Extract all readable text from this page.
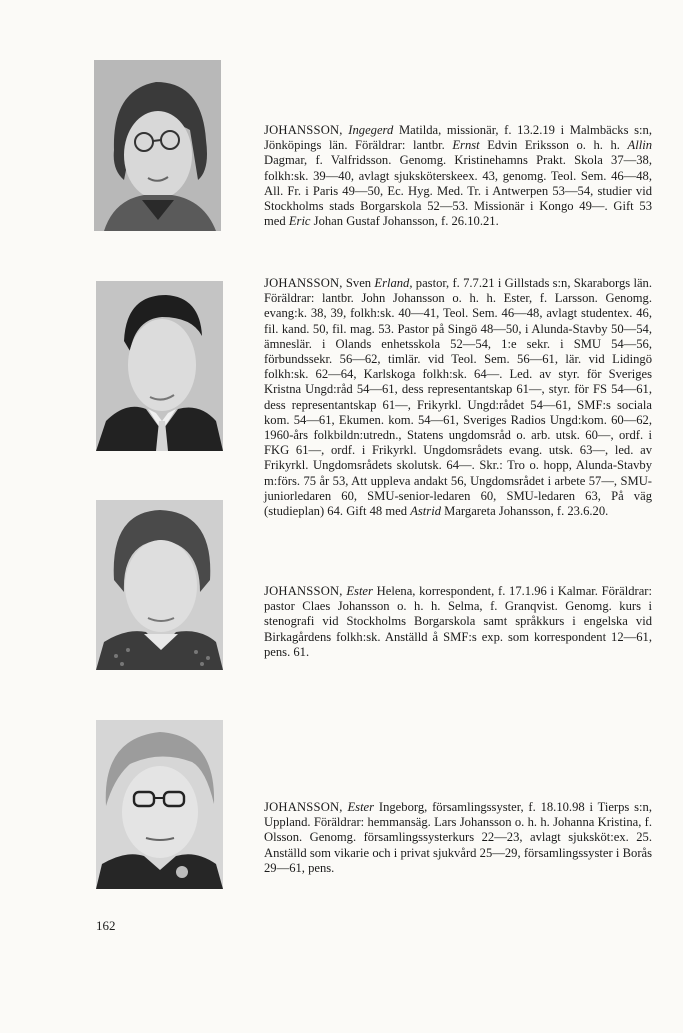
JOHANSSON, Ingegerd Matilda, missionär, f. 13.2.19 i Malmbäcks s:n, Jönköpings län. Föräldrar: lantbr. Ernst Edvin Eriksson o. h. h. Allin Dagmar, f. Valfridsson. Genomg. Kristinehamns Prakt. Skola 37—38, folkh:sk. 39—40, avlagt sjuksköterskeex. 43, genomg. Teol. Sem. 46—48, All. Fr. i Paris 49—50, Ec. Hyg. Med. Tr. i Antwerpen 53—54, studier vid Stockholms stads Borgarskola 52—53. Missionär i Kongo 49—. Gift 53 med Eric Johan Gustaf Johansson, f. 26.10.21.

JOHANSSON, Sven Erland, pastor, f. 7.7.21 i Gillstads s:n, Skaraborgs län. Föräldrar: lantbr. John Johansson o. h. h. Ester, f. Larsson. Genomg. evang:k. 38, 39, folkh:sk. 40—41, Teol. Sem. 46—48, avlagt studentex. 46, fil. kand. 50, fil. mag. 53. Pastor på Singö 48—50, i Alunda-Stavby 50—54, ämneslär. i Olands enhetsskola 52—54, 1:e sekr. i SMU 54—56, förbundssekr. 56—62, timlär. vid Teol. Sem. 56—61, lär. vid Lidingö folkh:sk. 62—64, Karlskoga folkh:sk. 64—. Led. av styr. för Sveriges Kristna Ungd:råd 54—61, dess representantskap 61—, styr. för FS 54—61, dess representantskap 61—, Frikyrkl. Ungd:rådet 54—61, SMF:s sociala kom. 54—61, Ekumen. kom. 54—61, Sveriges Radios Ungd:kom. 60—62, 1960-års folkbildn:utredn., Statens ungdomsråd o. arb. utsk. 60—, ordf. i FKG 61—, ordf. i Frikyrkl. Ungdomsrådets evang. utsk. 63—, led. av Frikyrkl. Ungdomsrådets skolutsk. 64—. Skr.: Tro o. hopp, Alunda-Stavby m:förs. 75 år 53, Att uppleva andakt 56, Ungdomsrådet i arbete 57—, SMU-juniorledaren 60, SMU-senior-ledaren 60, SMU-ledaren 63, På väg (studieplan) 64. Gift 48 med Astrid Margareta Johansson, f. 23.6.20.

JOHANSSON, Ester Helena, korrespondent, f. 17.1.96 i Kalmar. Föräldrar: pastor Claes Johansson o. h. h. Selma, f. Granqvist. Genomg. kurs i stenografi vid Stockholms Borgarskola samt språkkurs i engelska vid Birkagårdens folkh:sk. Anställd å SMF:s exp. som korrespondent 12—61, pens. 61.

JOHANSSON, Ester Ingeborg, församlingssyster, f. 18.10.98 i Tierps s:n, Uppland. Föräldrar: hemmansäg. Lars Johansson o. h. h. Johanna Kristina, f. Olsson. Genomg. församlingssysterkurs 22—23, avlagt sjuksköt:ex. 25. Anställd som vikarie och i privat sjukvård 25—29, församlingssyster i Borås 29—61, pens.

162
